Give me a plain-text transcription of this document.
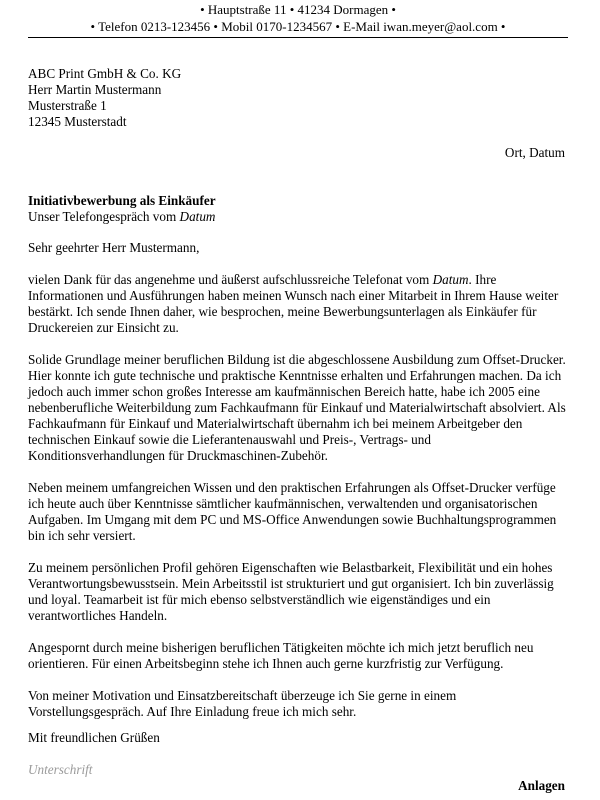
• Hauptstraße 11 • 41234 Dormagen •
• Telefon 0213-123456 • Mobil 0170-1234567 • E-Mail iwan.meyer@aol.com •
ABC Print GmbH & Co. KG
Herr Martin Mustermann
Musterstraße 1
12345 Musterstadt
Ort, Datum
Initiativbewerbung als Einkäufer
Unser Telefongespräch vom Datum

Sehr geehrter Herr Mustermann,

vielen Dank für das angenehme und äußerst aufschlussreiche Telefonat vom Datum. Ihre Informationen und Ausführungen haben meinen Wunsch nach einer Mitarbeit in Ihrem Hause weiter bestärkt. Ich sende Ihnen daher, wie besprochen, meine Bewerbungsunterlagen als Einkäufer für Druckereien zur Einsicht zu.

Solide Grundlage meiner beruflichen Bildung ist die abgeschlossene Ausbildung zum Offset-Drucker. Hier konnte ich gute technische und praktische Kenntnisse erhalten und Erfahrungen machen. Da ich jedoch auch immer schon großes Interesse am kaufmännischen Bereich hatte, habe ich 2005 eine nebenberufliche Weiterbildung zum Fachkaufmann für Einkauf und Materialwirtschaft absolviert. Als Fachkaufmann für Einkauf und Materialwirtschaft übernahm ich bei meinem Arbeitgeber den technischen Einkauf sowie die Lieferantenauswahl und Preis-, Vertrags- und Konditionsverhandlungen für Druckmaschinen-Zubehör.

Neben meinem umfangreichen Wissen und den praktischen Erfahrungen als Offset-Drucker verfüge ich heute auch über Kenntnisse sämtlicher kaufmännischen, verwaltenden und organisatorischen Aufgaben. Im Umgang mit dem PC und MS-Office Anwendungen sowie Buchhaltungsprogrammen bin ich sehr versiert.

Zu meinem persönlichen Profil gehören Eigenschaften wie Belastbarkeit, Flexibilität und ein hohes Verantwortungsbewusstsein. Mein Arbeitsstil ist strukturiert und gut organisiert. Ich bin zuverlässig und loyal. Teamarbeit ist für mich ebenso selbstverständlich wie eigenständiges und ein verantwortliches Handeln.

Angespornt durch meine bisherigen beruflichen Tätigkeiten möchte ich mich jetzt beruflich neu orientieren. Für einen Arbeitsbeginn stehe ich Ihnen auch gerne kurzfristig zur Verfügung.

Von meiner Motivation und Einsatzbereitschaft überzeuge ich Sie gerne in einem Vorstellungsgespräch. Auf Ihre Einladung freue ich mich sehr.

Mit freundlichen Grüßen
Unterschrift
Anlagen
